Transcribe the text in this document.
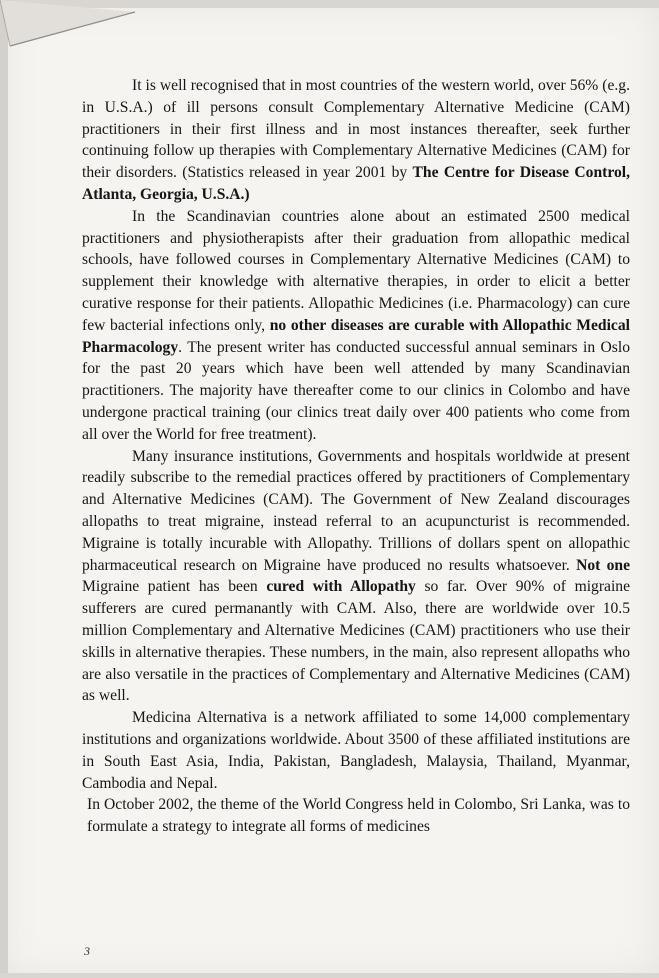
It is well recognised that in most countries of the western world, over 56% (e.g. in U.S.A.) of ill persons consult Complementary Alternative Medicine (CAM) practitioners in their first illness and in most instances thereafter, seek further continuing follow up therapies with Complementary Alternative Medicines (CAM) for their disorders. (Statistics released in year 2001 by The Centre for Disease Control, Atlanta, Georgia, U.S.A.)

In the Scandinavian countries alone about an estimated 2500 medical practitioners and physiotherapists after their graduation from allopathic medical schools, have followed courses in Complementary Alternative Medicines (CAM) to supplement their knowledge with alternative therapies, in order to elicit a better curative response for their patients. Allopathic Medicines (i.e. Pharmacology) can cure few bacterial infections only, no other diseases are curable with Allopathic Medical Pharmacology. The present writer has conducted successful annual seminars in Oslo for the past 20 years which have been well attended by many Scandinavian practitioners. The majority have thereafter come to our clinics in Colombo and have undergone practical training (our clinics treat daily over 400 patients who come from all over the World for free treatment).

Many insurance institutions, Governments and hospitals worldwide at present readily subscribe to the remedial practices offered by practitioners of Complementary and Alternative Medicines (CAM). The Government of New Zealand discourages allopaths to treat migraine, instead referral to an acupuncturist is recommended. Migraine is totally incurable with Allopathy. Trillions of dollars spent on allopathic pharmaceutical research on Migraine have produced no results whatsoever. Not one Migraine patient has been cured with Allopathy so far. Over 90% of migraine sufferers are cured permanantly with CAM. Also, there are worldwide over 10.5 million Complementary and Alternative Medicines (CAM) practitioners who use their skills in alternative therapies. These numbers, in the main, also represent allopaths who are also versatile in the practices of Complementary and Alternative Medicines (CAM) as well.

Medicina Alternativa is a network affiliated to some 14,000 complementary institutions and organizations worldwide. About 3500 of these affiliated institutions are in South East Asia, India, Pakistan, Bangladesh, Malaysia, Thailand, Myanmar, Cambodia and Nepal.

In October 2002, the theme of the World Congress held in Colombo, Sri Lanka, was to formulate a strategy to integrate all forms of medicines

3
